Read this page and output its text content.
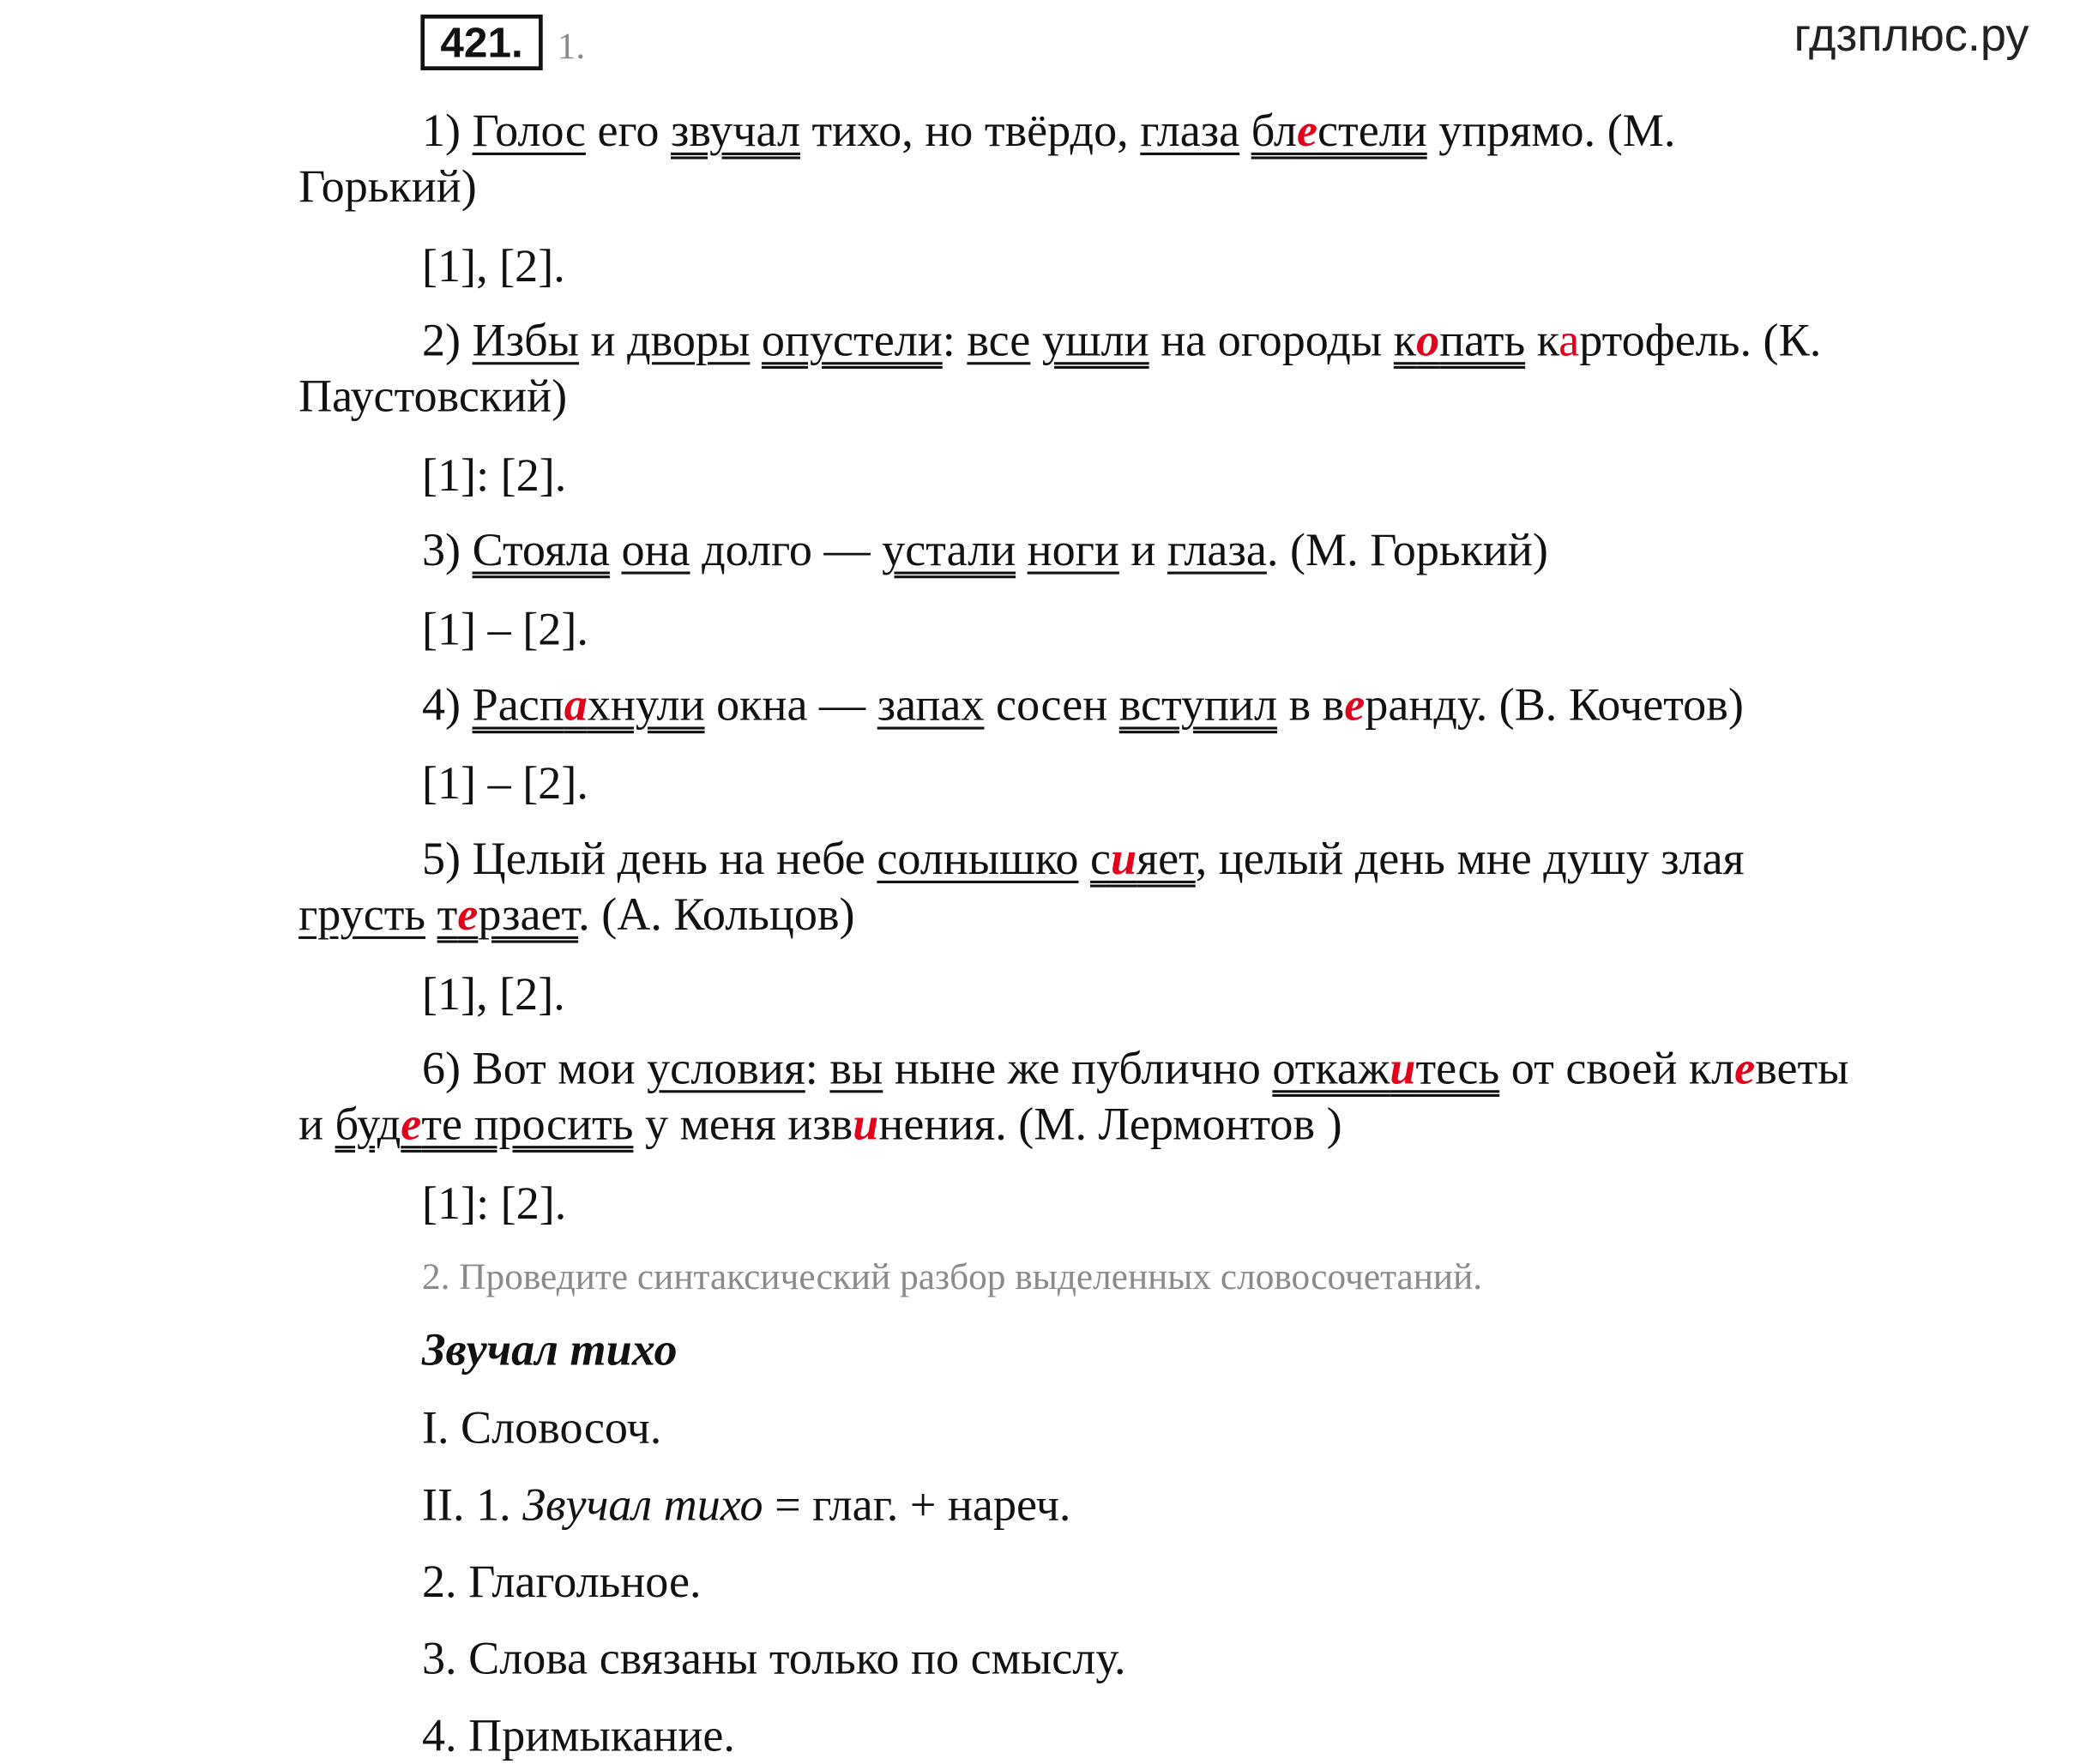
421.	1.	гдзплюс.ру
1) Голос его звучал тихо, но твёрдо, глаза блестели упрямо. (М.
Горький)
[1], [2].
2) Избы и дворы опустели: все ушли на огороды копать картофель. (К.
Паустовский)
[1]: [2].
3) Стояла она долго — устали ноги и глаза. (М. Горький)
[1] – [2].
4) Распахнули окна — запах сосен вступил в веранду. (В. Кочетов)
[1] – [2].
5) Целый день на небе солнышко сияет, целый день мне душу злая
грусть терзает. (А. Кольцов)
[1], [2].
6) Вот мои условия: вы ныне же публично откажитесь от своей клеветы
и будете просить у меня извинения. (М. Лермонтов )
[1]: [2].
2. Проведите синтаксический разбор выделенных словосочетаний.
Звучал тихо
I. Словосоч.
II. 1. Звучал тихо = глаг. + нареч.
2. Глагольное.
3. Слова связаны только по смыслу.
4. Примыкание.
